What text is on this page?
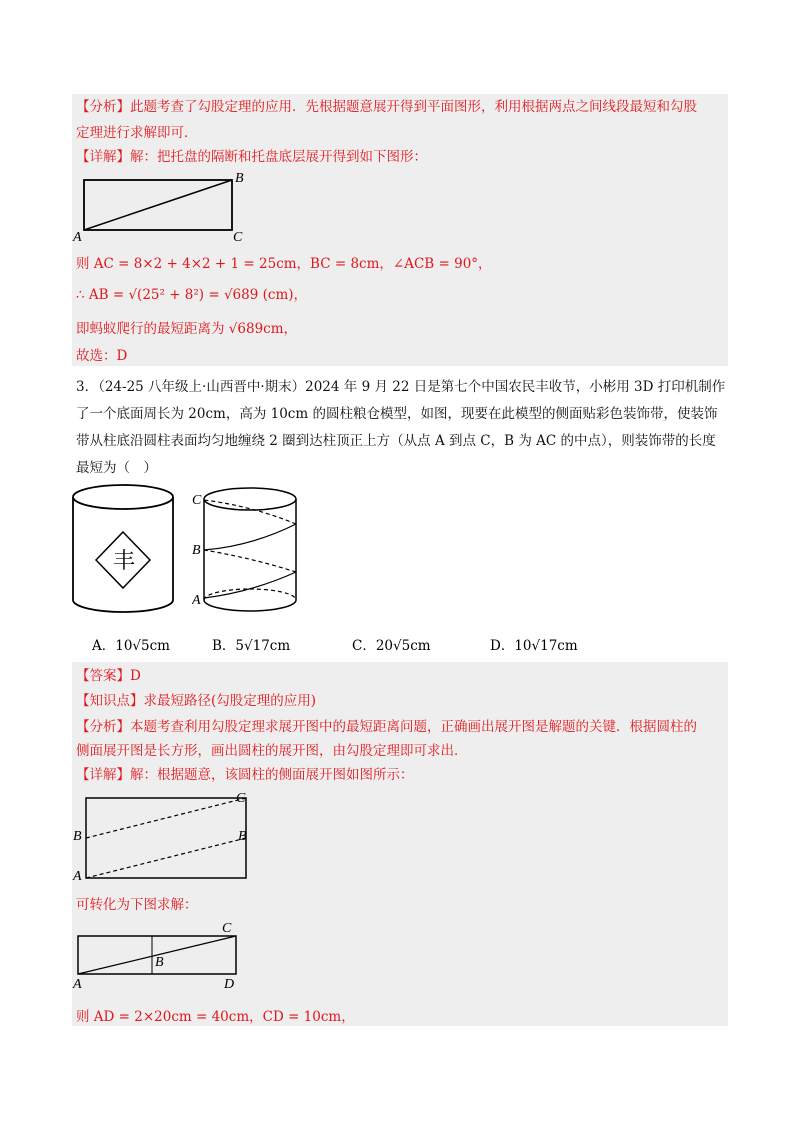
【分析】此题考查了勾股定理的应用．先根据题意展开得到平面图形，利用根据两点之间线段最短和勾股
定理进行求解即可．
【详解】解：把托盘的隔断和托盘底层展开得到如下图形：
B
A	C
则 AC = 8×2 + 4×2 + 1 = 25cm，BC = 8cm，∠ACB = 90°，
∴ AB = √(25² + 8²) = √689 (cm)，
即蚂蚁爬行的最短距离为 √689cm，
故选：D
3．（24-25 八年级上·山西晋中·期末）2024 年 9 月 22 日是第七个中国农民丰收节，小彬用 3D 打印机制作
了一个底面周长为 20cm，高为 10cm 的圆柱粮仓模型，如图，现要在此模型的侧面贴彩色装饰带，使装饰
带从柱底沿圆柱表面均匀地缠绕 2 圈到达柱顶正上方（从点 A 到点 C，B 为 AC 的中点），则装饰带的长度
最短为（　）
丰
C
B
A
A．10√5cm	B．5√17cm	C．20√5cm	D．10√17cm
【答案】D
【知识点】求最短路径(勾股定理的应用)
【分析】本题考查利用勾股定理求展开图中的最短距离问题，正确画出展开图是解题的关键．根据圆柱的
侧面展开图是长方形，画出圆柱的展开图，由勾股定理即可求出．
【详解】解：根据题意，该圆柱的侧面展开图如图所示：
C
B	B
A
可转化为下图求解：
C
B
A	D
则 AD = 2×20cm = 40cm，CD = 10cm，
